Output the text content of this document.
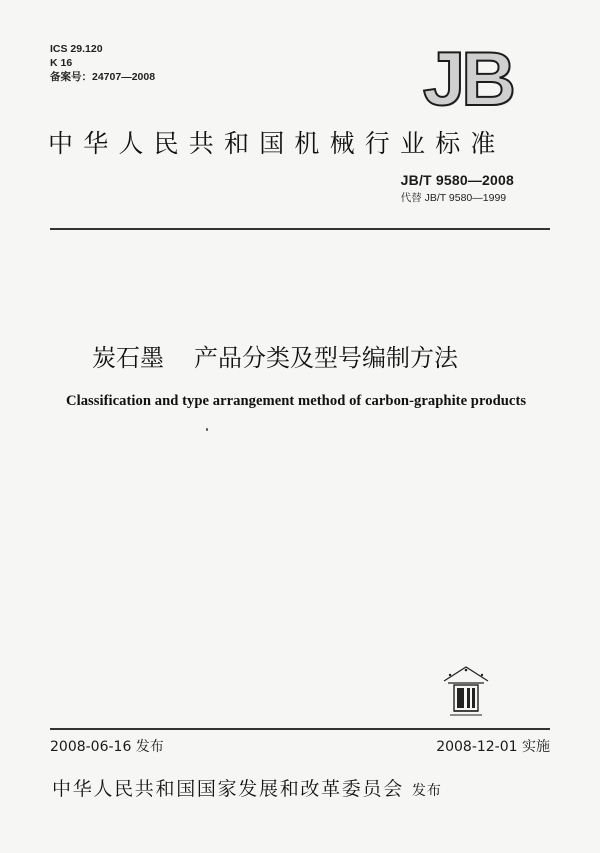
ICS 29.120
K 16
备案号：24707—2008	JB
中华人民共和国机械行业标准
JB/T 9580—2008
代替 JB/T 9580—1999
炭石墨 产品分类及型号编制方法
Classification and type arrangement method of carbon-graphite products
2008-06-16 发布	2008-12-01 实施
中华人民共和国国家发展和改革委员会 发布
